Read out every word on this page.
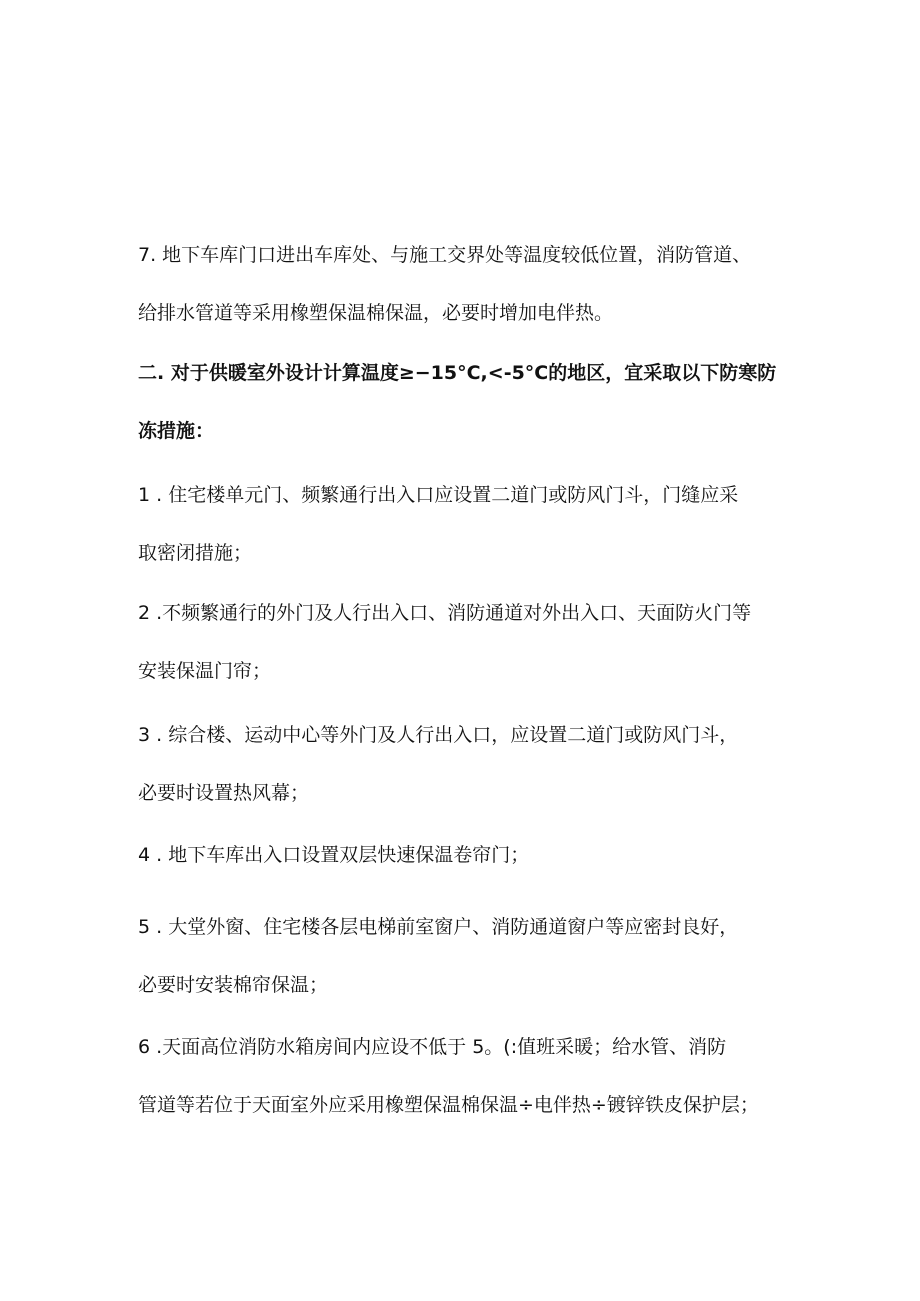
7. 地下车库门口进出车库处、与施工交界处等温度较低位置，消防管道、
给排水管道等采用橡塑保温棉保温，必要时增加电伴热。
二. 对于供暖室外设计计算温度≥−15°C,<-5°C的地区，宜采取以下防寒防
冻措施：
1 . 住宅楼单元门、频繁通行出入口应设置二道门或防风门斗，门缝应采
取密闭措施；
2 .不频繁通行的外门及人行出入口、消防通道对外出入口、天面防火门等
安装保温门帘；
3 . 综合楼、运动中心等外门及人行出入口，应设置二道门或防风门斗，
必要时设置热风幕；
4 . 地下车库出入口设置双层快速保温卷帘门；
5 . 大堂外窗、住宅楼各层电梯前室窗户、消防通道窗户等应密封良好，
必要时安装棉帘保温；
6 .天面高位消防水箱房间内应设不低于 5。(:值班采暖；给水管、消防
管道等若位于天面室外应采用橡塑保温棉保温÷电伴热÷镀锌铁皮保护层；
